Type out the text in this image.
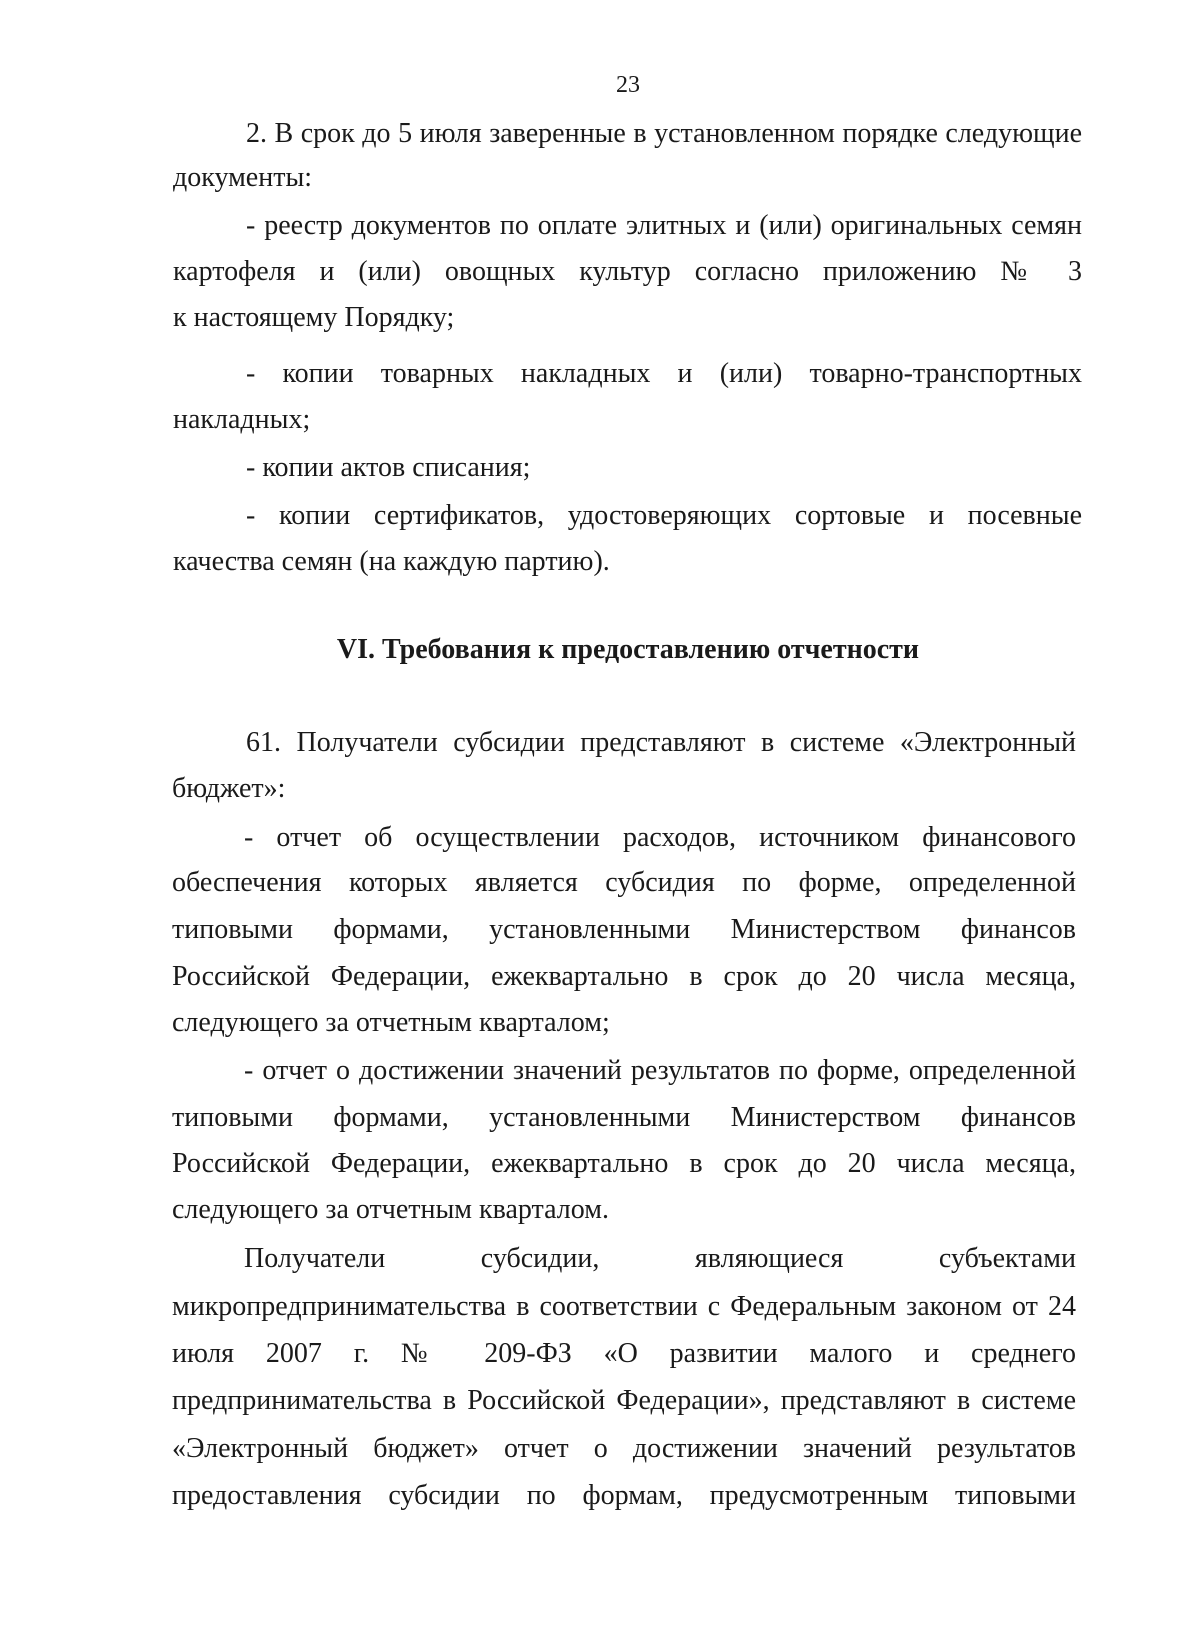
23
2. В срок до 5 июля заверенные в установленном порядке следующие
документы:
- реестр документов по оплате элитных и (или) оригинальных семян
картофеля и (или) овощных культур согласно приложению № 3
к настоящему Порядку;
- копии товарных накладных и (или) товарно-транспортных
накладных;
- копии актов списания;
- копии сертификатов, удостоверяющих сортовые и посевные
качества семян (на каждую партию).
VI. Требования к предоставлению отчетности
61. Получатели субсидии представляют в системе «Электронный
бюджет»:
- отчет об осуществлении расходов, источником финансового
обеспечения которых является субсидия по форме, определенной
типовыми формами, установленными Министерством финансов
Российской Федерации, ежеквартально в срок до 20 числа месяца,
следующего за отчетным кварталом;
- отчет о достижении значений результатов по форме, определенной
типовыми формами, установленными Министерством финансов
Российской Федерации, ежеквартально в срок до 20 числа месяца,
следующего за отчетным кварталом.
Получатели субсидии, являющиеся субъектами
микропредпринимательства в соответствии с Федеральным законом от 24
июля 2007 г. № 209-ФЗ «О развитии малого и среднего
предпринимательства в Российской Федерации», представляют в системе
«Электронный бюджет» отчет о достижении значений результатов
предоставления субсидии по формам, предусмотренным типовыми
